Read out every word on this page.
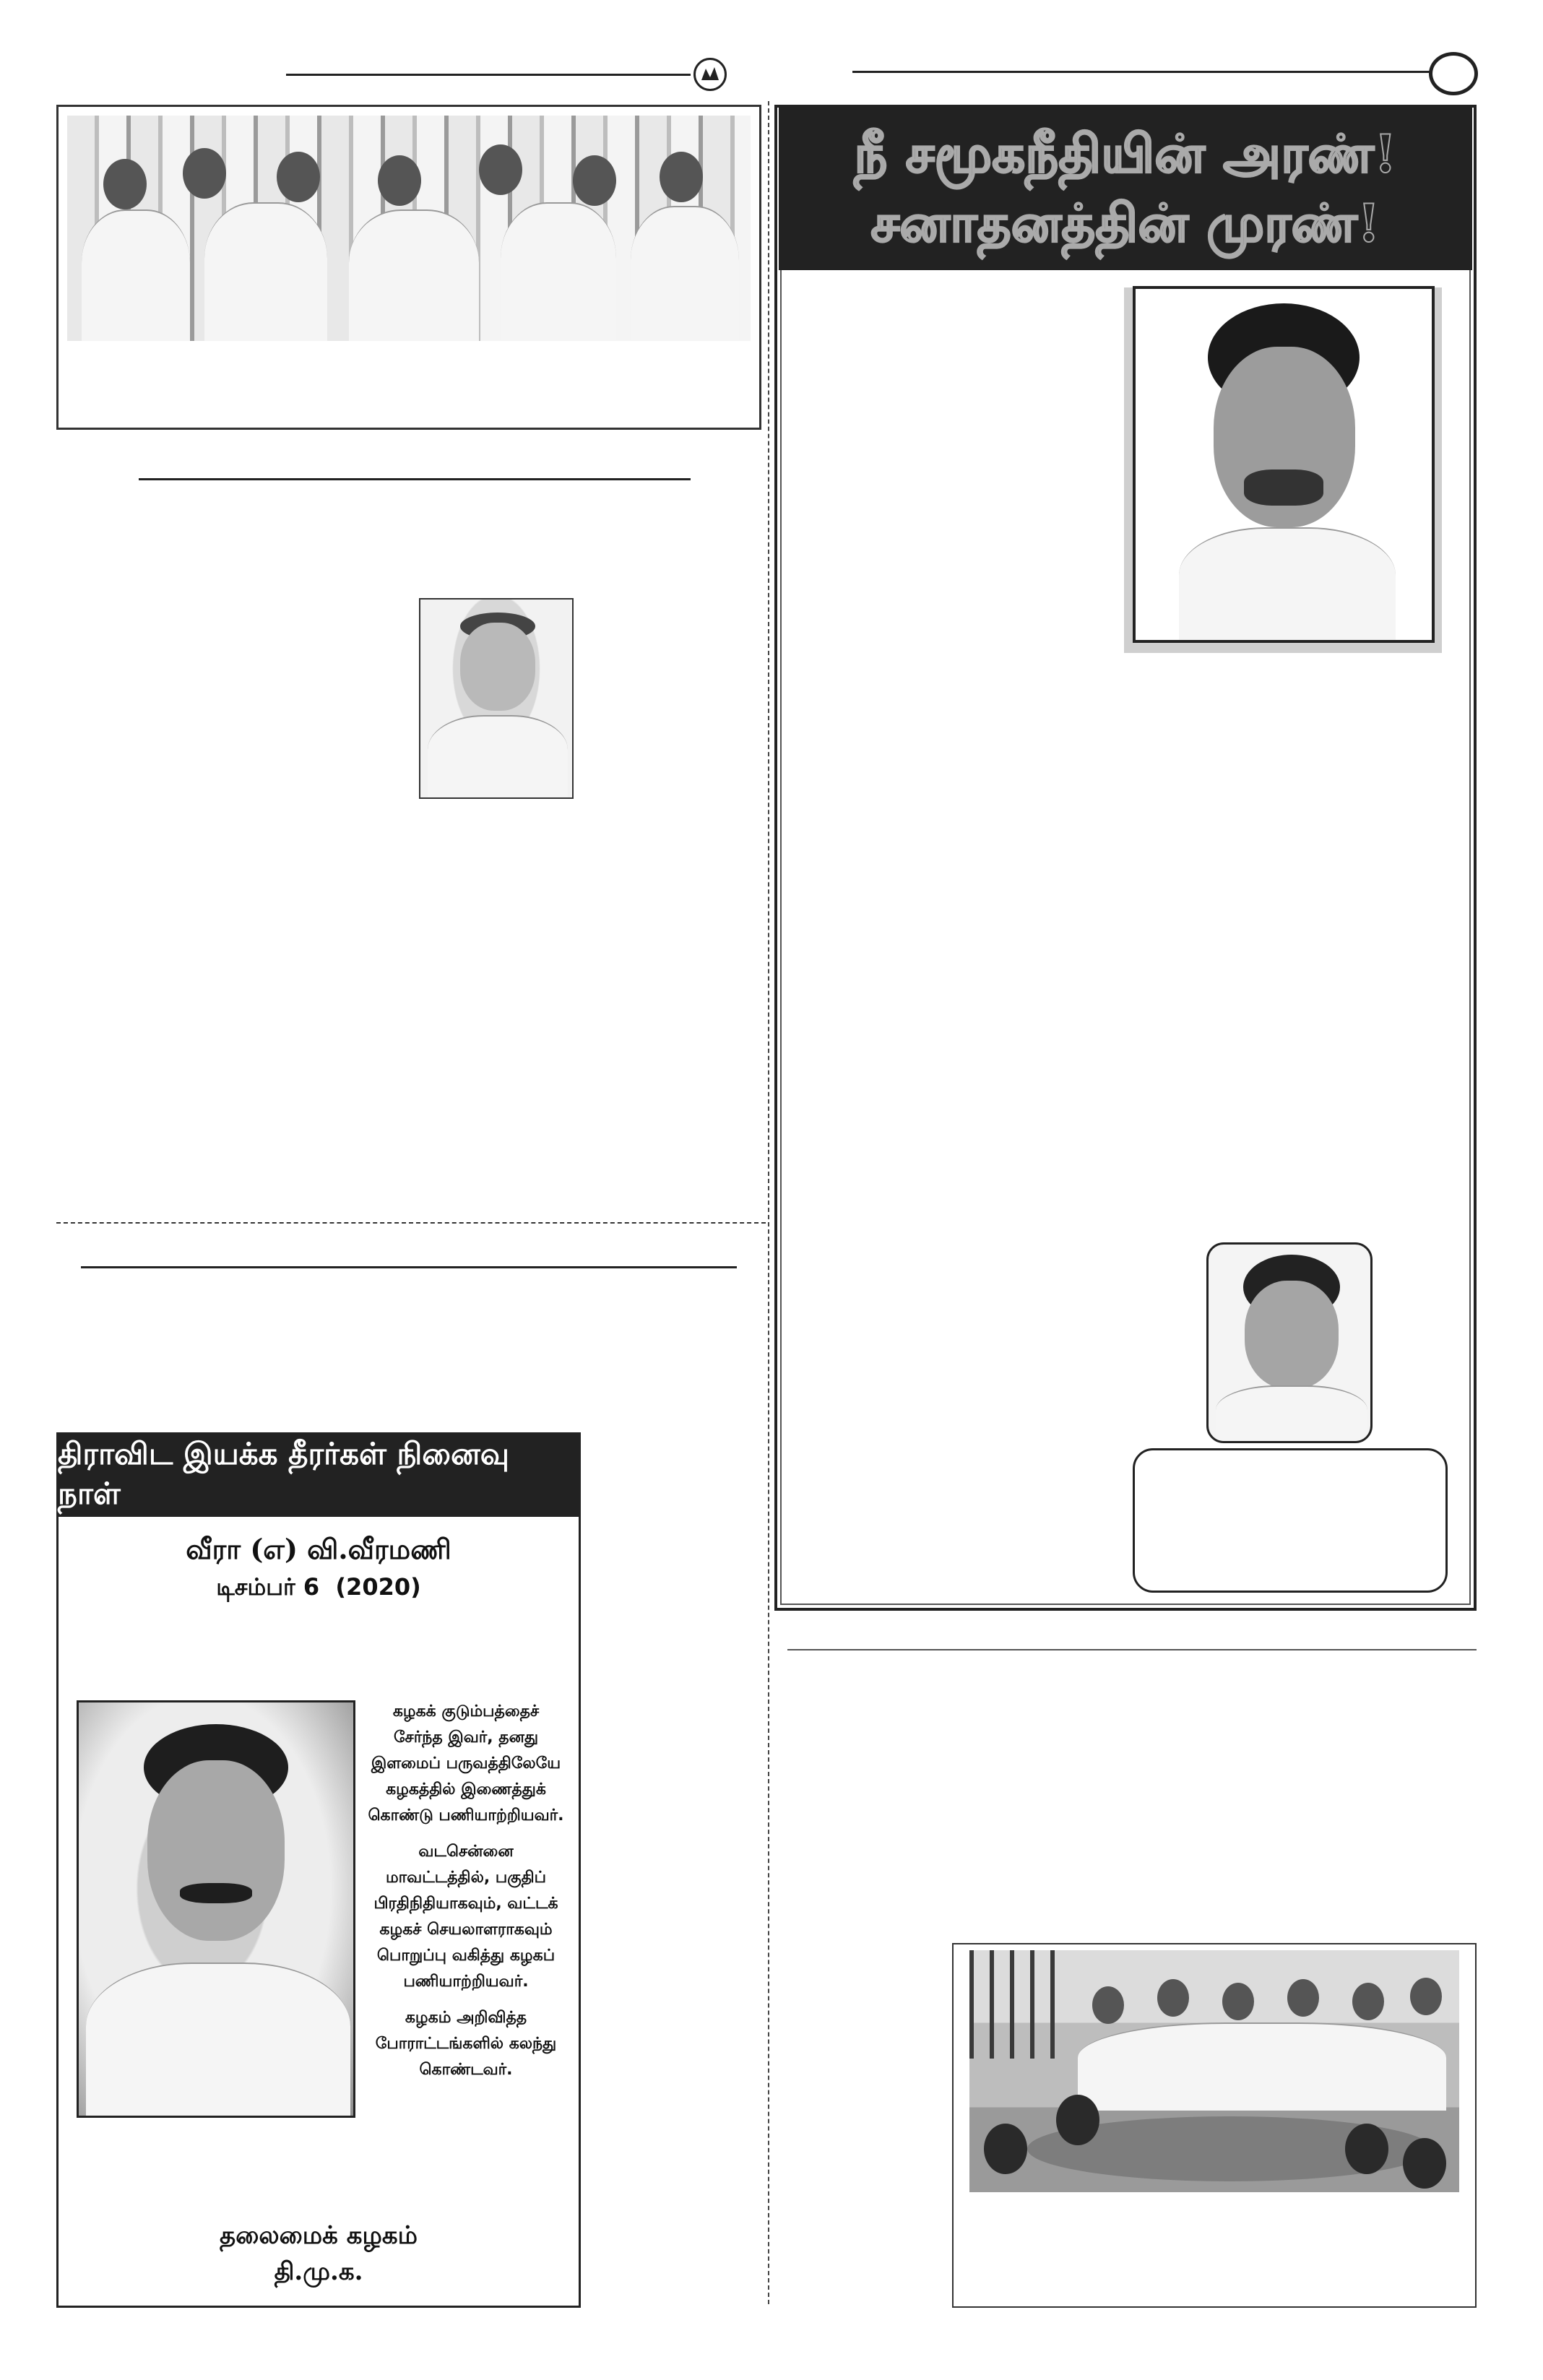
திராவிட இயக்க தீரர்கள் நினைவு நாள்
வீரா (எ) வி.வீரமணி
டிசம்பர் 6  (2020)
கழகக் குடும்பத்தைச்
சேர்ந்த இவர், தனது
இளமைப் பருவத்திலேயே
கழகத்தில் இணைத்துக்
கொண்டு பணியாற்றியவர்.
வடசென்னை
மாவட்டத்தில், பகுதிப்
பிரதிநிதியாகவும், வட்டக்
கழகச் செயலாளராகவும்
பொறுப்பு வகித்து கழகப்
பணியாற்றியவர்.
கழகம் அறிவித்த
போராட்டங்களில் கலந்து
கொண்டவர்.
தலைமைக் கழகம்
தி.மு.க.
நீ சமூகநீதியின் அரண்!
சனாதனத்தின் முரண்!
